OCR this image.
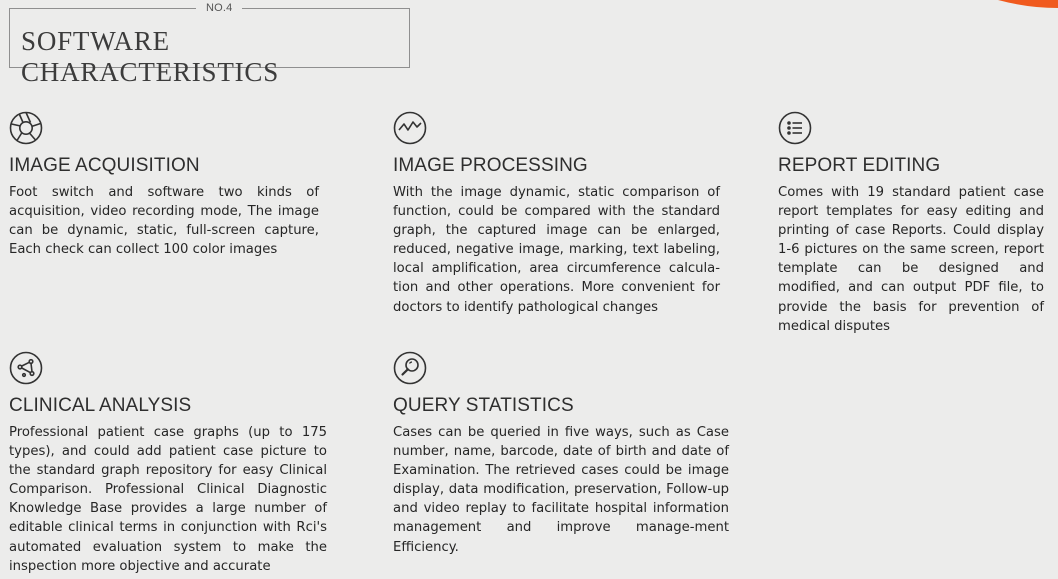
NO.4
SOFTWARE CHARACTERISTICS
IMAGE ACQUISITION
Foot switch and software two kinds of acquisition, video recording mode, The image can be dynamic, static, full-screen capture, Each check can collect 100 color images
IMAGE PROCESSING
With the image dynamic, static comparison of function, could be compared with the standard graph, the captured image can be enlarged, reduced, negative image, marking, text labeling, local amplification, area circumference calcula-tion and other operations. More convenient for doctors to identify pathological changes
REPORT EDITING
Comes with 19 standard patient case report templates for easy editing and printing of case Reports. Could display 1-6 pictures on the same screen, report template can be designed and modified, and can output PDF file, to provide the basis for prevention of medical disputes
CLINICAL ANALYSIS
Professional patient case graphs (up to 175 types), and could add patient case picture to the standard graph repository for easy Clinical Comparison. Professional Clinical Diagnostic Knowledge Base provides a large number of editable clinical terms in conjunction with Rci's automated evaluation system to make the inspection more objective and accurate
QUERY STATISTICS
Cases can be queried in five ways, such as Case number, name, barcode, date of birth and date of Examination. The retrieved cases could be image display, data modification, preservation, Follow-up and video replay to facilitate hospital information management and improve manage-ment Efficiency.
